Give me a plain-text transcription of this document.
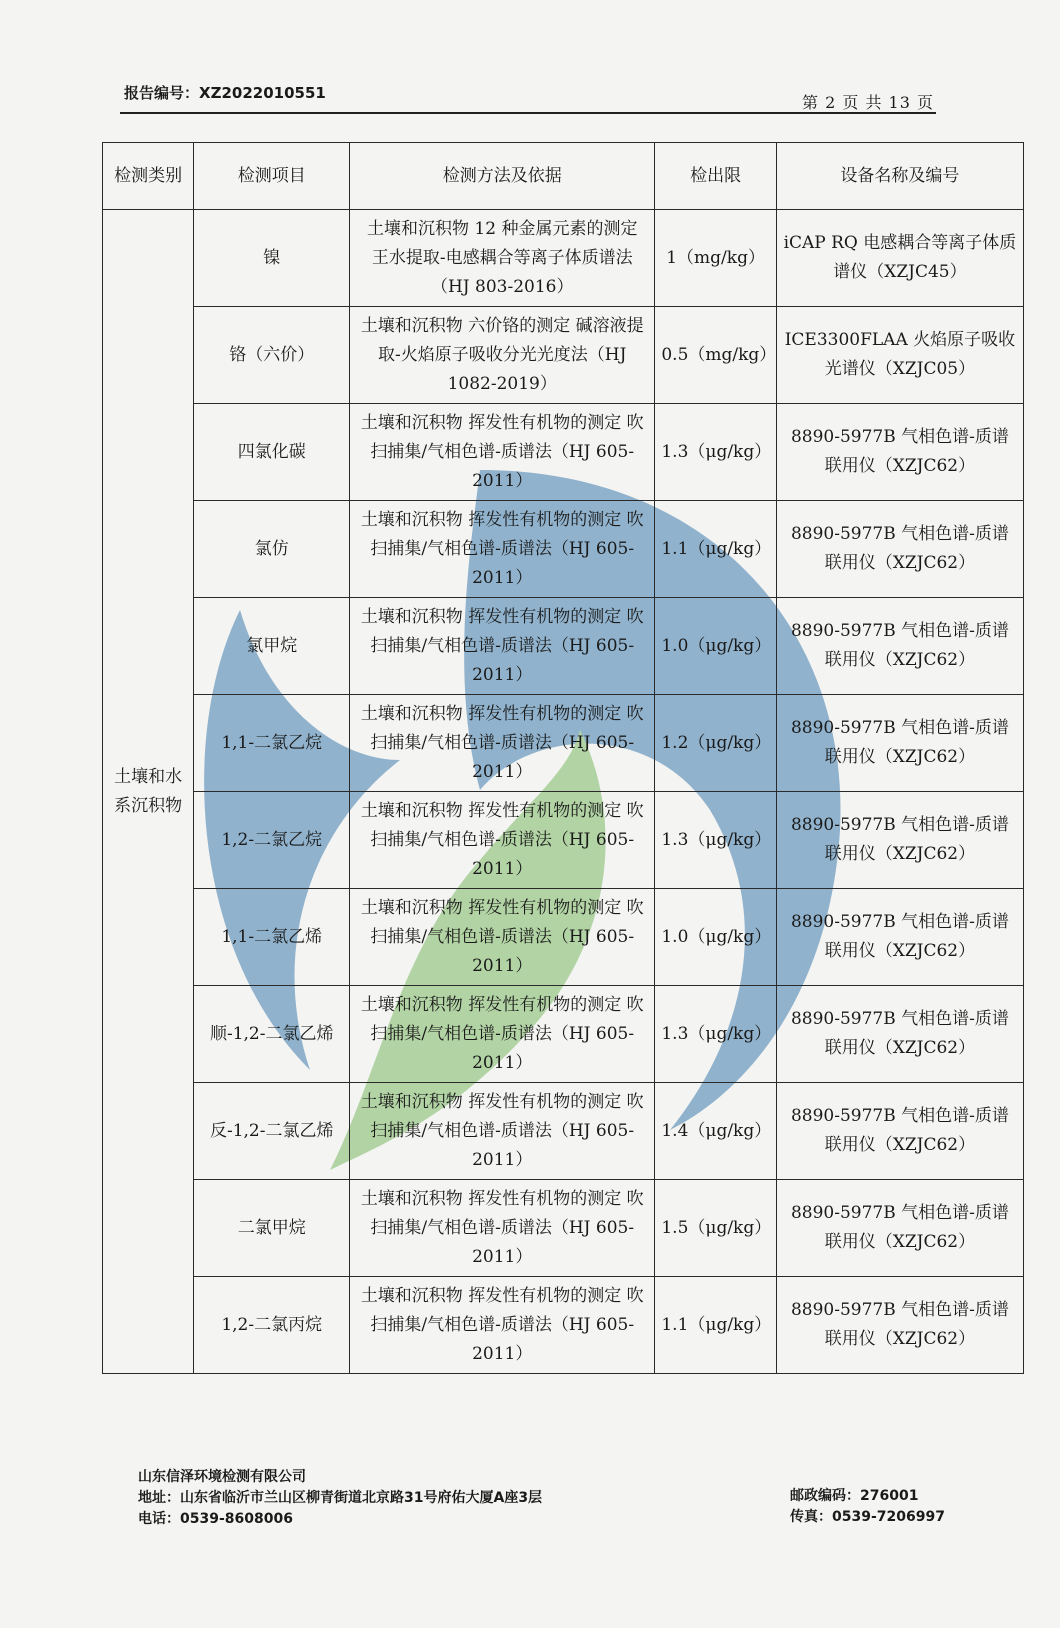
报告编号：XZ2022010551	第 2 页 共 13 页
检测类别	检测项目	检测方法及依据	检出限	设备名称及编号
土壤和水系沉积物	镍	土壤和沉积物 12 种金属元素的测定 王水提取-电感耦合等离子体质谱法（HJ 803-2016）	1（mg/kg）	iCAP RQ 电感耦合等离子体质谱仪（XZJC45）
	铬（六价）	土壤和沉积物 六价铬的测定 碱溶液提取-火焰原子吸收分光光度法（HJ 1082-2019）	0.5（mg/kg）	ICE3300FLAA 火焰原子吸收光谱仪（XZJC05）
	四氯化碳	土壤和沉积物 挥发性有机物的测定 吹扫捕集/气相色谱-质谱法（HJ 605-2011）	1.3（μg/kg）	8890-5977B 气相色谱-质谱联用仪（XZJC62）
	氯仿	土壤和沉积物 挥发性有机物的测定 吹扫捕集/气相色谱-质谱法（HJ 605-2011）	1.1（μg/kg）	8890-5977B 气相色谱-质谱联用仪（XZJC62）
	氯甲烷	土壤和沉积物 挥发性有机物的测定 吹扫捕集/气相色谱-质谱法（HJ 605-2011）	1.0（μg/kg）	8890-5977B 气相色谱-质谱联用仪（XZJC62）
	1,1-二氯乙烷	土壤和沉积物 挥发性有机物的测定 吹扫捕集/气相色谱-质谱法（HJ 605-2011）	1.2（μg/kg）	8890-5977B 气相色谱-质谱联用仪（XZJC62）
	1,2-二氯乙烷	土壤和沉积物 挥发性有机物的测定 吹扫捕集/气相色谱-质谱法（HJ 605-2011）	1.3（μg/kg）	8890-5977B 气相色谱-质谱联用仪（XZJC62）
	1,1-二氯乙烯	土壤和沉积物 挥发性有机物的测定 吹扫捕集/气相色谱-质谱法（HJ 605-2011）	1.0（μg/kg）	8890-5977B 气相色谱-质谱联用仪（XZJC62）
	顺-1,2-二氯乙烯	土壤和沉积物 挥发性有机物的测定 吹扫捕集/气相色谱-质谱法（HJ 605-2011）	1.3（μg/kg）	8890-5977B 气相色谱-质谱联用仪（XZJC62）
	反-1,2-二氯乙烯	土壤和沉积物 挥发性有机物的测定 吹扫捕集/气相色谱-质谱法（HJ 605-2011）	1.4（μg/kg）	8890-5977B 气相色谱-质谱联用仪（XZJC62）
	二氯甲烷	土壤和沉积物 挥发性有机物的测定 吹扫捕集/气相色谱-质谱法（HJ 605-2011）	1.5（μg/kg）	8890-5977B 气相色谱-质谱联用仪（XZJC62）
	1,2-二氯丙烷	土壤和沉积物 挥发性有机物的测定 吹扫捕集/气相色谱-质谱法（HJ 605-2011）	1.1（μg/kg）	8890-5977B 气相色谱-质谱联用仪（XZJC62）
山东信泽环境检测有限公司
地址：山东省临沂市兰山区柳青街道北京路31号府佑大厦A座3层
电话：0539-8608006
邮政编码：276001
传真：0539-7206997
